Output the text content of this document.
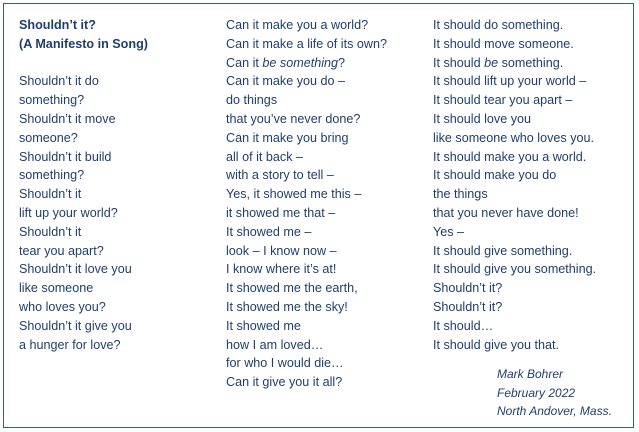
Shouldn’t it?
(A Manifesto in Song)
Shouldn’t it do
something?
Shouldn’t it move
someone?
Shouldn’t it build
something?
Shouldn’t it
lift up your world?
Shouldn’t it
tear you apart?
Shouldn’t it love you
like someone
who loves you?
Shouldn’t it give you
a hunger for love?
Can it make you a world?
Can it make a life of its own?
Can it be something?
Can it make you do –
do things
that you’ve never done?
Can it make you bring
all of it back –
with a story to tell –
Yes, it showed me this –
it showed me that –
It showed me –
look – I know now –
I know where it’s at!
It showed me the earth,
It showed me the sky!
It showed me
how I am loved…
for who I would die…
Can it give you it all?
It should do something.
It should move someone.
It should be something.
It should lift up your world –
It should tear you apart –
It should love you
like someone who loves you.
It should make you a world.
It should make you do
the things
that you never have done!
Yes –
It should give something.
It should give you something.
Shouldn’t it?
Shouldn’t it?
It should…
It should give you that.
Mark Bohrer
February 2022
North Andover, Mass.
